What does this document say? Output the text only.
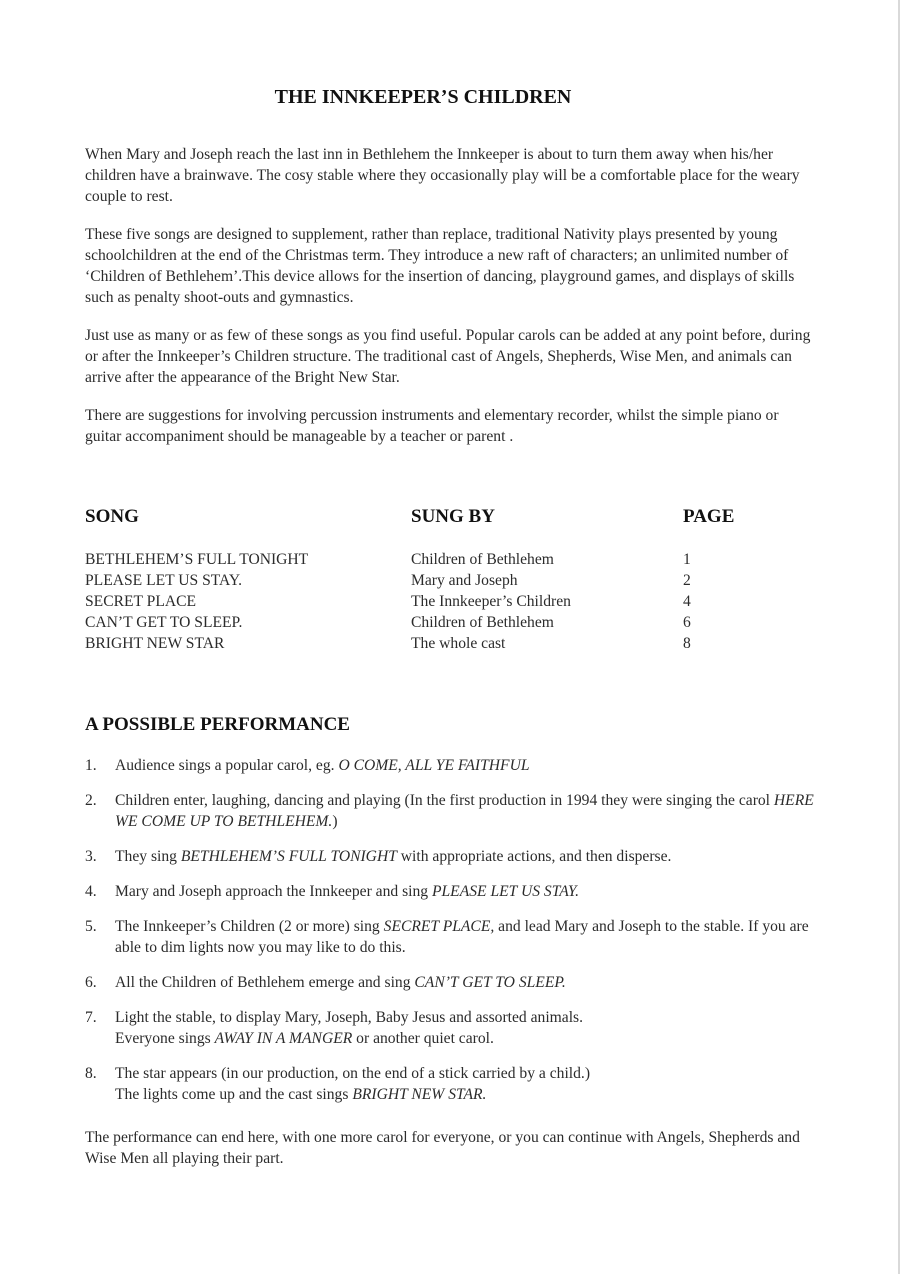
THE INNKEEPER’S CHILDREN

When Mary and Joseph reach the last inn in Bethlehem the Innkeeper is about to turn them away when his/her children have a brainwave. The cosy stable where they occasionally play will be a comfortable place for the weary couple to rest.

These five songs are designed to supplement, rather than replace, traditional Nativity plays presented by young schoolchildren at the end of the Christmas term. They introduce a new raft of characters; an unlimited number of ‘Children of Bethlehem’.This device allows for the insertion of dancing, playground games, and displays of skills such as penalty shoot-outs and gymnastics.

Just use as many or as few of these songs as you find useful. Popular carols can be added at any point before, during or after the Innkeeper’s Children structure. The traditional cast of Angels, Shepherds, Wise Men, and animals can arrive after the appearance of the Bright New Star.

There are suggestions for involving percussion instruments and elementary recorder, whilst the simple piano or guitar accompaniment should be manageable by a teacher or parent .

SONG	SUNG BY	PAGE
BETHLEHEM’S FULL TONIGHT	Children of Bethlehem	1
PLEASE LET US STAY.	Mary and Joseph	2
SECRET PLACE	The Innkeeper’s Children	4
CAN’T GET TO SLEEP.	Children of Bethlehem	6
BRIGHT NEW STAR	The whole cast	8
A POSSIBLE PERFORMANCE
1.	Audience sings a popular carol, eg. O COME, ALL YE FAITHFUL
2.	Children enter, laughing, dancing and playing (In the first production in 1994 they were singing the carol HERE WE COME UP TO BETHLEHEM.)
3.	They sing BETHLEHEM’S FULL TONIGHT with appropriate actions, and then disperse.
4.	Mary and Joseph approach the Innkeeper and sing PLEASE LET US STAY.
5.	The Innkeeper’s Children (2 or more) sing SECRET PLACE, and lead Mary and Joseph to the stable. If you are able to dim lights now you may like to do this.
6.	All the Children of Bethlehem emerge and sing CAN’T GET TO SLEEP.
7.	Light the stable, to display Mary, Joseph, Baby Jesus and assorted animals.
Everyone sings AWAY IN A MANGER or another quiet carol.
8.	The star appears (in our production, on the end of a stick carried by a child.)
The lights come up and the cast sings BRIGHT NEW STAR.
The performance can end here, with one more carol for everyone, or you can continue with Angels, Shepherds and Wise Men all playing their part.
